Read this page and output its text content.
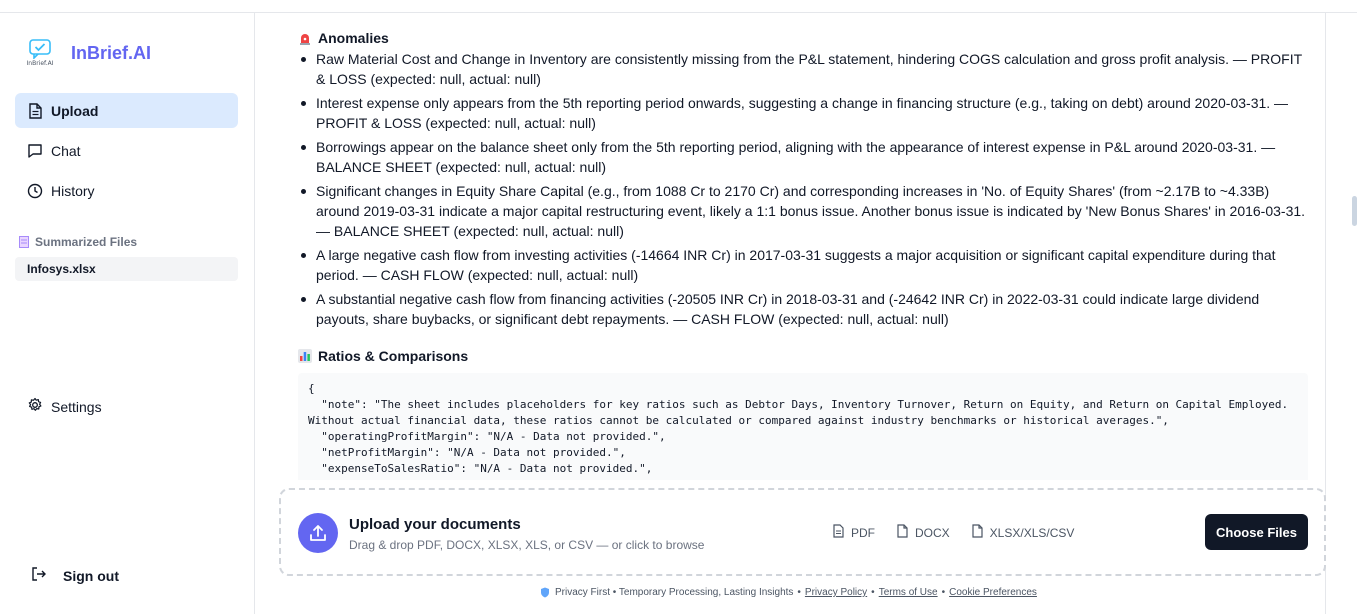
InBrief.AI
InBrief.AI
Upload
Chat
History
Summarized Files
Infosys.xlsx
Settings
Sign out
Anomalies
Raw Material Cost and Change in Inventory are consistently missing from the P&L statement, hindering COGS calculation and gross profit analysis. — PROFIT & LOSS (expected: null, actual: null)
Interest expense only appears from the 5th reporting period onwards, suggesting a change in financing structure (e.g., taking on debt) around 2020-03-31. — PROFIT & LOSS (expected: null, actual: null)
Borrowings appear on the balance sheet only from the 5th reporting period, aligning with the appearance of interest expense in P&L around 2020-03-31. — BALANCE SHEET (expected: null, actual: null)
Significant changes in Equity Share Capital (e.g., from 1088 Cr to 2170 Cr) and corresponding increases in 'No. of Equity Shares' (from ~2.17B to ~4.33B) around 2019-03-31 indicate a major capital restructuring event, likely a 1:1 bonus issue. Another bonus issue is indicated by 'New Bonus Shares' in 2016-03-31. — BALANCE SHEET (expected: null, actual: null)
A large negative cash flow from investing activities (-14664 INR Cr) in 2017-03-31 suggests a major acquisition or significant capital expenditure during that period. — CASH FLOW (expected: null, actual: null)
A substantial negative cash flow from financing activities (-20505 INR Cr) in 2018-03-31 and (-24642 INR Cr) in 2022-03-31 could indicate large dividend payouts, share buybacks, or significant debt repayments. — CASH FLOW (expected: null, actual: null)
Ratios & Comparisons
{
"note": "The sheet includes placeholders for key ratios such as Debtor Days, Inventory Turnover, Return on Equity, and Return on Capital Employed. Without actual financial data, these ratios cannot be calculated or compared against industry benchmarks or historical averages.",
"operatingProfitMargin": "N/A - Data not provided.",
"netProfitMargin": "N/A - Data not provided.",
"expenseToSalesRatio": "N/A - Data not provided.",
Upload your documents
Drag & drop PDF, DOCX, XLSX, XLS, or CSV — or click to browse
PDF	DOCX	XLSX/XLS/CSV	Choose Files
Privacy First • Temporary Processing, Lasting Insights • Privacy Policy • Terms of Use • Cookie Preferences
